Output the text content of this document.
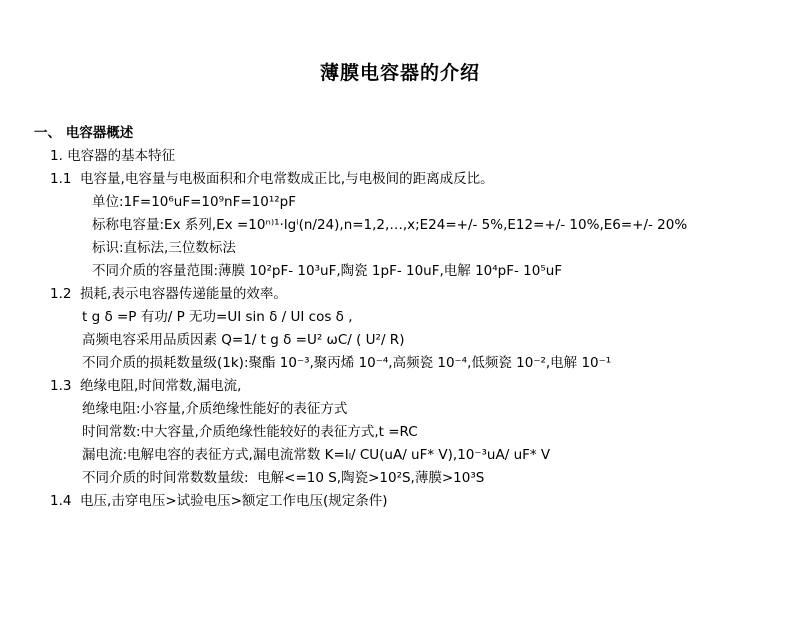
薄膜电容器的介绍
一、 电容器概述
1. 电容器的基本特征
1.1  电容量,电容量与电极面积和介电常数成正比,与电极间的距离成反比。
单位:1F=10⁶uF=10⁹nF=10¹²pF
标称电容量:Ex 系列,Ex =10ⁿ⁾¹·lgⁱ(n/24),n=1,2,…,x;E24=+/- 5%,E12=+/- 10%,E6=+/- 20%
标识:直标法,三位数标法
不同介质的容量范围:薄膜 10²pF- 10³uF,陶瓷 1pF- 10uF,电解 10⁴pF- 10⁵uF
1.2  损耗,表示电容器传递能量的效率。
t g δ =P 有功/ P 无功=UI sin δ / UI cos δ ,
高频电容采用品质因素 Q=1/ t g δ =U² ωC/ ( U²/ R)
不同介质的损耗数量级(1k):聚酯 10⁻³,聚丙烯 10⁻⁴,高频瓷 10⁻⁴,低频瓷 10⁻²,电解 10⁻¹
1.3  绝缘电阻,时间常数,漏电流,
绝缘电阻:小容量,介质绝缘性能好的表征方式
时间常数:中大容量,介质绝缘性能较好的表征方式,t =RC
漏电流:电解电容的表征方式,漏电流常数 K=Iₗ/ CU(uA/ uF* V),10⁻³uA/ uF* V
不同介质的时间常数数量绂:  电解<=10 S,陶瓷>10²S,薄膜>10³S
1.4  电压,击穿电压>试验电压>额定工作电压(规定条件)
